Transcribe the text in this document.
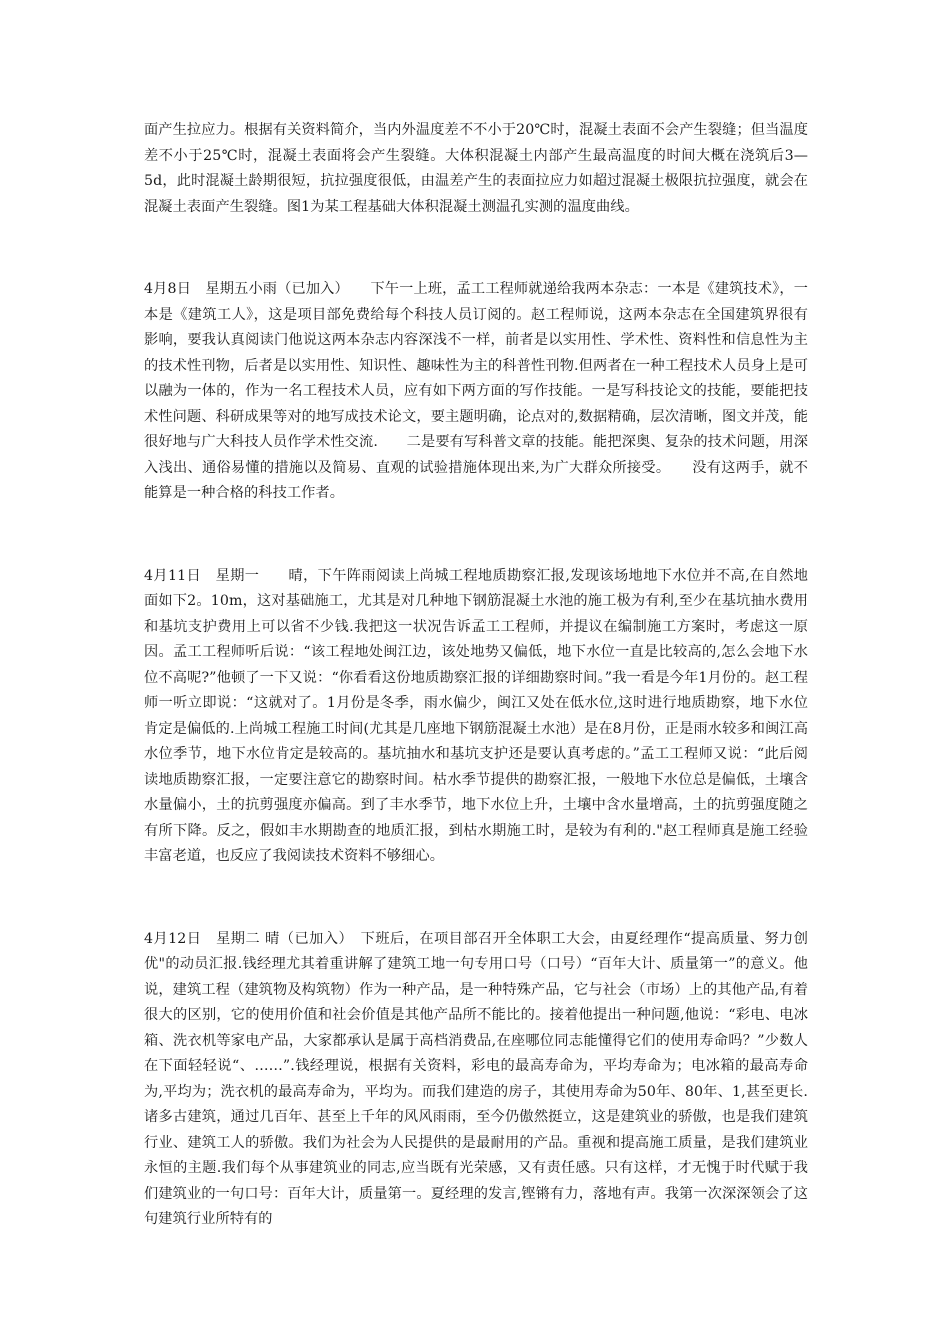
面产生拉应力。根据有关资料简介，当内外温度差不不小于20℃时，混凝土表面不会产生裂缝；但当温度差不小于25℃时，混凝土表面将会产生裂缝。大体积混凝土内部产生最高温度的时间大概在浇筑后3—5d，此时混凝土龄期很短，抗拉强度很低，由温差产生的表面拉应力如超过混凝土极限抗拉强度，就会在混凝土表面产生裂缝。图1为某工程基础大体积混凝土测温孔实测的温度曲线。

4月8日　星期五小雨（已加入）　　下午一上班，孟工工程师就递给我两本杂志：一本是《建筑技术》，一本是《建筑工人》，这是项目部免费给每个科技人员订阅的。赵工程师说，这两本杂志在全国建筑界很有影响，要我认真阅读门他说这两本杂志内容深浅不一样，前者是以实用性、学术性、资料性和信息性为主的技术性刊物，后者是以实用性、知识性、趣味性为主的科普性刊物.但两者在一种工程技术人员身上是可以融为一体的，作为一名工程技术人员，应有如下两方面的写作技能。一是写科技论文的技能，要能把技术性问题、科研成果等对的地写成技术论文，要主题明确，论点对的,数据精确，层次清晰，图文并茂，能很好地与广大科技人员作学术性交流.　　二是要有写科普文章的技能。能把深奥、复杂的技术问题，用深入浅出、通俗易懂的措施以及简易、直观的试验措施体现出来,为广大群众所接受。　　没有这两手，就不能算是一种合格的科技工作者。

4月11日　星期一　　晴，下午阵雨阅读上尚城工程地质勘察汇报,发现该场地地下水位并不高,在自然地面如下2。10m，这对基础施工，尤其是对几种地下钢筋混凝土水池的施工极为有利,至少在基坑抽水费用和基坑支护费用上可以省不少钱.我把这一状况告诉孟工工程师，并提议在编制施工方案时，考虑这一原因。孟工工程师听后说：“该工程地处闽江边，该处地势又偏低，地下水位一直是比较高的,怎么会地下水位不高呢?”他顿了一下又说：“你看看这份地质勘察汇报的详细勘察时间。”我一看是今年1月份的。赵工程师一听立即说：“这就对了。1月份是冬季，雨水偏少，闽江又处在低水位,这时进行地质勘察，地下水位肯定是偏低的.上尚城工程施工时间(尤其是几座地下钢筋混凝土水池）是在8月份，正是雨水较多和闽江高水位季节，地下水位肯定是较高的。基坑抽水和基坑支护还是要认真考虑的。”孟工工程师又说：“此后阅读地质勘察汇报，一定要注意它的勘察时间。枯水季节提供的勘察汇报，一般地下水位总是偏低，土壤含水量偏小，土的抗剪强度亦偏高。到了丰水季节，地下水位上升，土壤中含水量增高，土的抗剪强度随之有所下降。反之，假如丰水期勘查的地质汇报，到枯水期施工时，是较为有利的."赵工程师真是施工经验丰富老道，也反应了我阅读技术资料不够细心。

4月12日　星期二 晴（已加入）　下班后，在项目部召开全体职工大会，由夏经理作“提高质量、努力创优"的动员汇报.钱经理尤其着重讲解了建筑工地一句专用口号（口号）“百年大计、质量第一”的意义。他说，建筑工程（建筑物及构筑物）作为一种产品，是一种特殊产品，它与社会（市场）上的其他产品,有着很大的区别，它的使用价值和社会价值是其他产品所不能比的。接着他提出一种问题,他说：“彩电、电冰箱、洗衣机等家电产品，大家都承认是属于高档消费品,在座哪位同志能懂得它们的使用寿命吗？”少数人在下面轻轻说“、……”.钱经理说，根据有关资料，彩电的最高寿命为，平均寿命为；电冰箱的最高寿命为,平均为；洗衣机的最高寿命为，平均为。而我们建造的房子，其使用寿命为50年、80年、1,甚至更长.诸多古建筑，通过几百年、甚至上千年的风风雨雨，至今仍傲然挺立，这是建筑业的骄傲，也是我们建筑行业、建筑工人的骄傲。我们为社会为人民提供的是最耐用的产品。重视和提高施工质量，是我们建筑业永恒的主题.我们每个从事建筑业的同志,应当既有光荣感，又有责任感。只有这样，才无愧于时代赋于我们建筑业的一句口号：百年大计，质量第一。夏经理的发言,铿锵有力，落地有声。我第一次深深领会了这句建筑行业所特有的
